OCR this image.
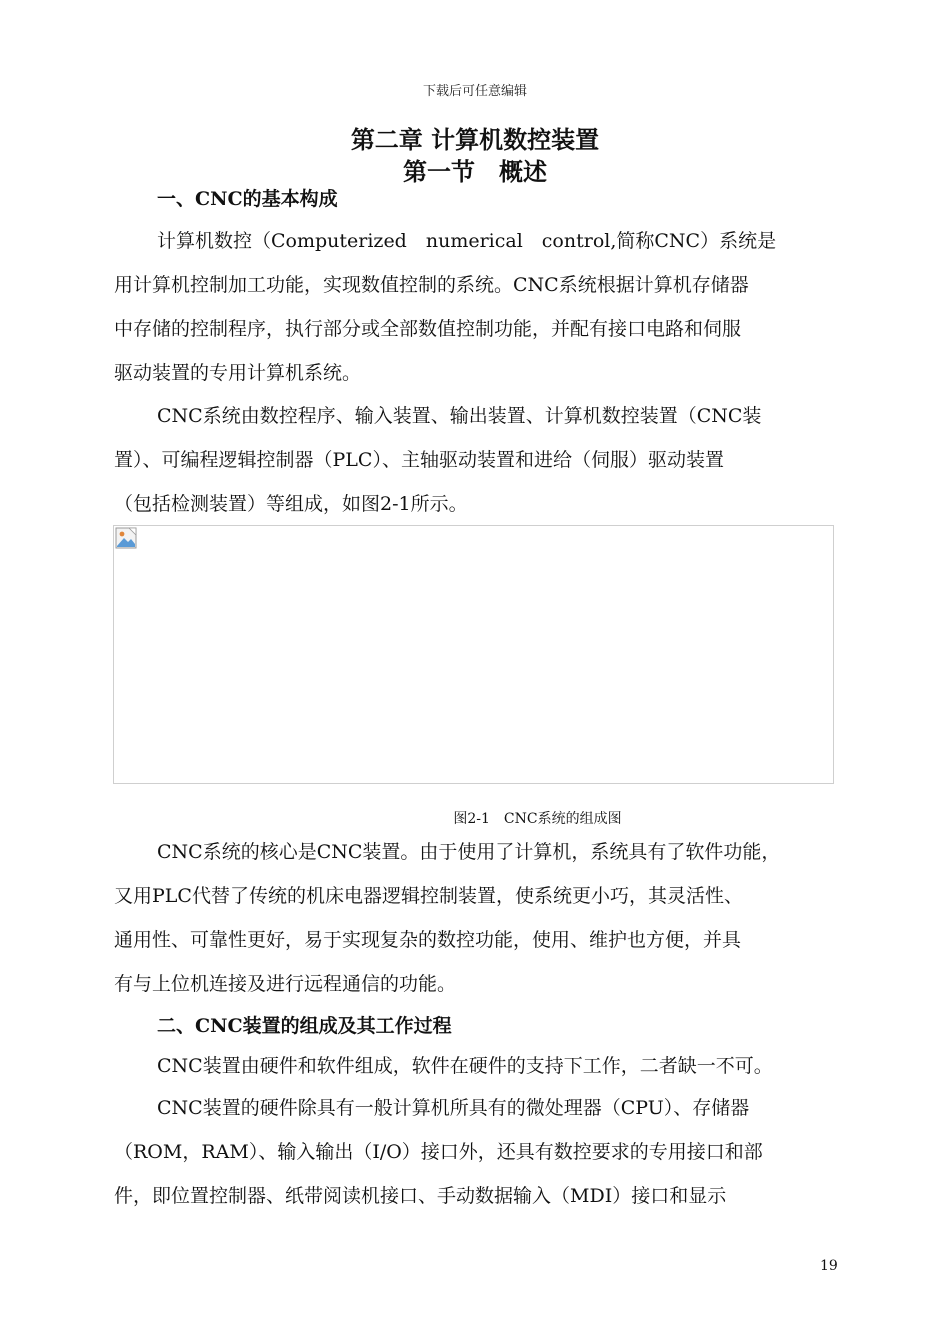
下载后可任意编辑
第二章 计算机数控装置
第一节　概述
一、CNC的基本构成
计算机数控（Computerized　numerical　control,简称CNC）系统是
用计算机控制加工功能，实现数值控制的系统。CNC系统根据计算机存储器
中存储的控制程序，执行部分或全部数值控制功能，并配有接口电路和伺服
驱动装置的专用计算机系统。
CNC系统由数控程序、输入装置、输出装置、计算机数控装置（CNC装
置）、可编程逻辑控制器（PLC）、主轴驱动装置和进给（伺服）驱动装置
（包括检测装置）等组成，如图2-1所示。
图2-1　CNC系统的组成图
CNC系统的核心是CNC装置。由于使用了计算机，系统具有了软件功能，
又用PLC代替了传统的机床电器逻辑控制装置，使系统更小巧，其灵活性、
通用性、可靠性更好，易于实现复杂的数控功能，使用、维护也方便，并具
有与上位机连接及进行远程通信的功能。
二、CNC装置的组成及其工作过程
CNC装置由硬件和软件组成，软件在硬件的支持下工作，二者缺一不可。
CNC装置的硬件除具有一般计算机所具有的微处理器（CPU）、存储器
（ROM，RAM）、输入输出（I/O）接口外，还具有数控要求的专用接口和部
件，即位置控制器、纸带阅读机接口、手动数据输入（MDI）接口和显示
19
